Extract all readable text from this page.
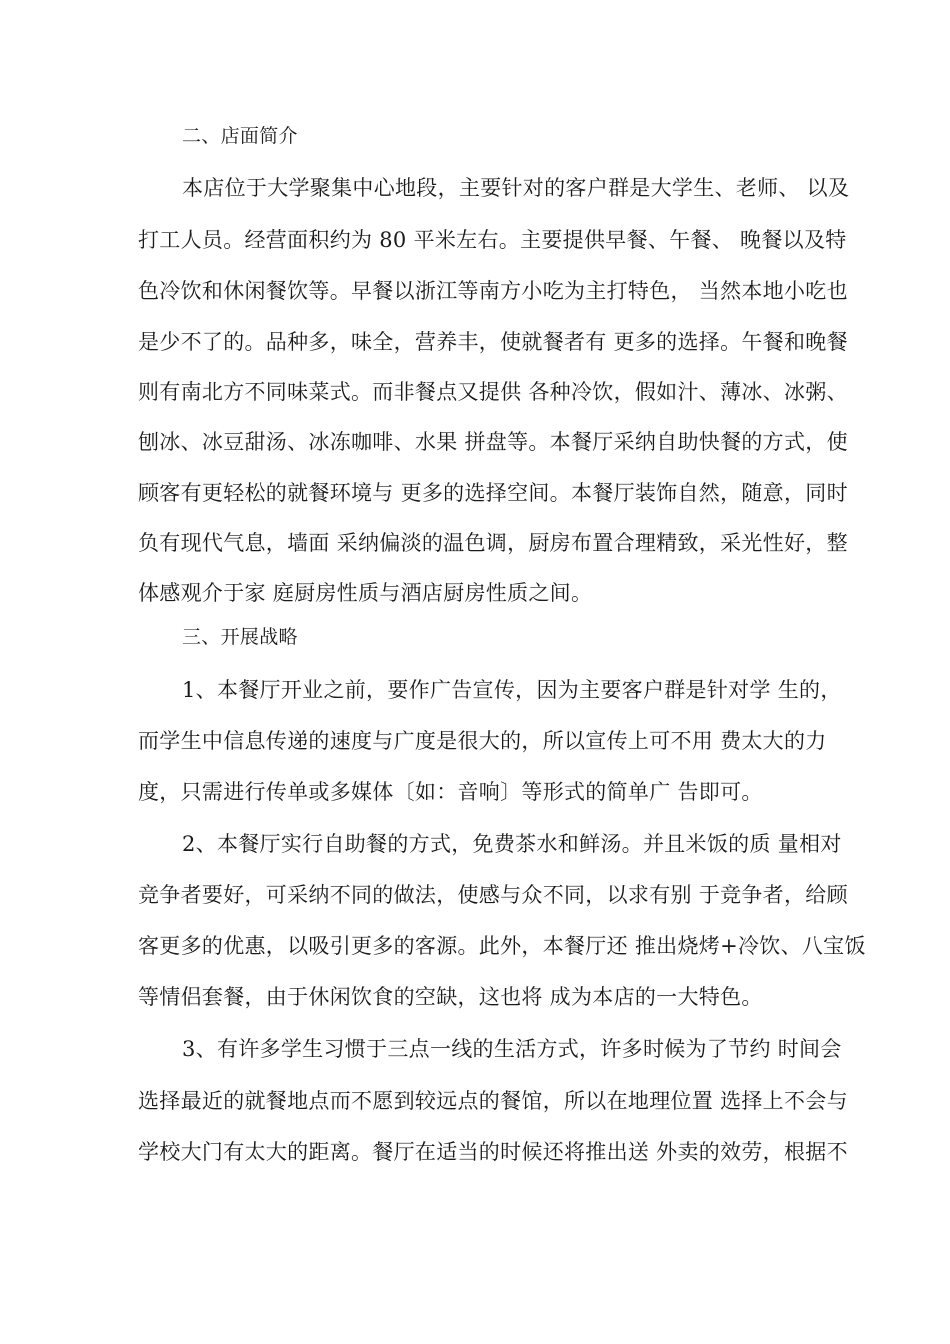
二、店面简介
本店位于大学聚集中心地段，主要针对的客户群是大学生、老师、 以及
打工人员。经营面积约为 80 平米左右。主要提供早餐、午餐、 晚餐以及特
色冷饮和休闲餐饮等。早餐以浙江等南方小吃为主打特色， 当然本地小吃也
是少不了的。品种多，味全，营养丰，使就餐者有 更多的选择。午餐和晚餐
则有南北方不同味菜式。而非餐点又提供 各种冷饮，假如汁、薄冰、冰粥、
刨冰、冰豆甜汤、冰冻咖啡、水果 拼盘等。本餐厅采纳自助快餐的方式，使
顾客有更轻松的就餐环境与 更多的选择空间。本餐厅装饰自然，随意，同时
负有现代气息，墙面 采纳偏淡的温色调，厨房布置合理精致，采光性好，整
体感观介于家 庭厨房性质与酒店厨房性质之间。
三、开展战略
1、本餐厅开业之前，要作广告宣传，因为主要客户群是针对学 生的，
而学生中信息传递的速度与广度是很大的，所以宣传上可不用 费太大的力
度，只需进行传单或多媒体〔如：音响〕等形式的简单广 告即可。
2、本餐厅实行自助餐的方式，免费茶水和鲜汤。并且米饭的质 量相对
竞争者要好，可采纳不同的做法，使感与众不同，以求有别 于竞争者，给顾
客更多的优惠，以吸引更多的客源。此外，本餐厅还 推出烧烤+冷饮、八宝饭
等情侣套餐，由于休闲饮食的空缺，这也将 成为本店的一大特色。
3、有许多学生习惯于三点一线的生活方式，许多时候为了节约 时间会
选择最近的就餐地点而不愿到较远点的餐馆，所以在地理位置 选择上不会与
学校大门有太大的距离。餐厅在适当的时候还将推出送 外卖的效劳，根据不
